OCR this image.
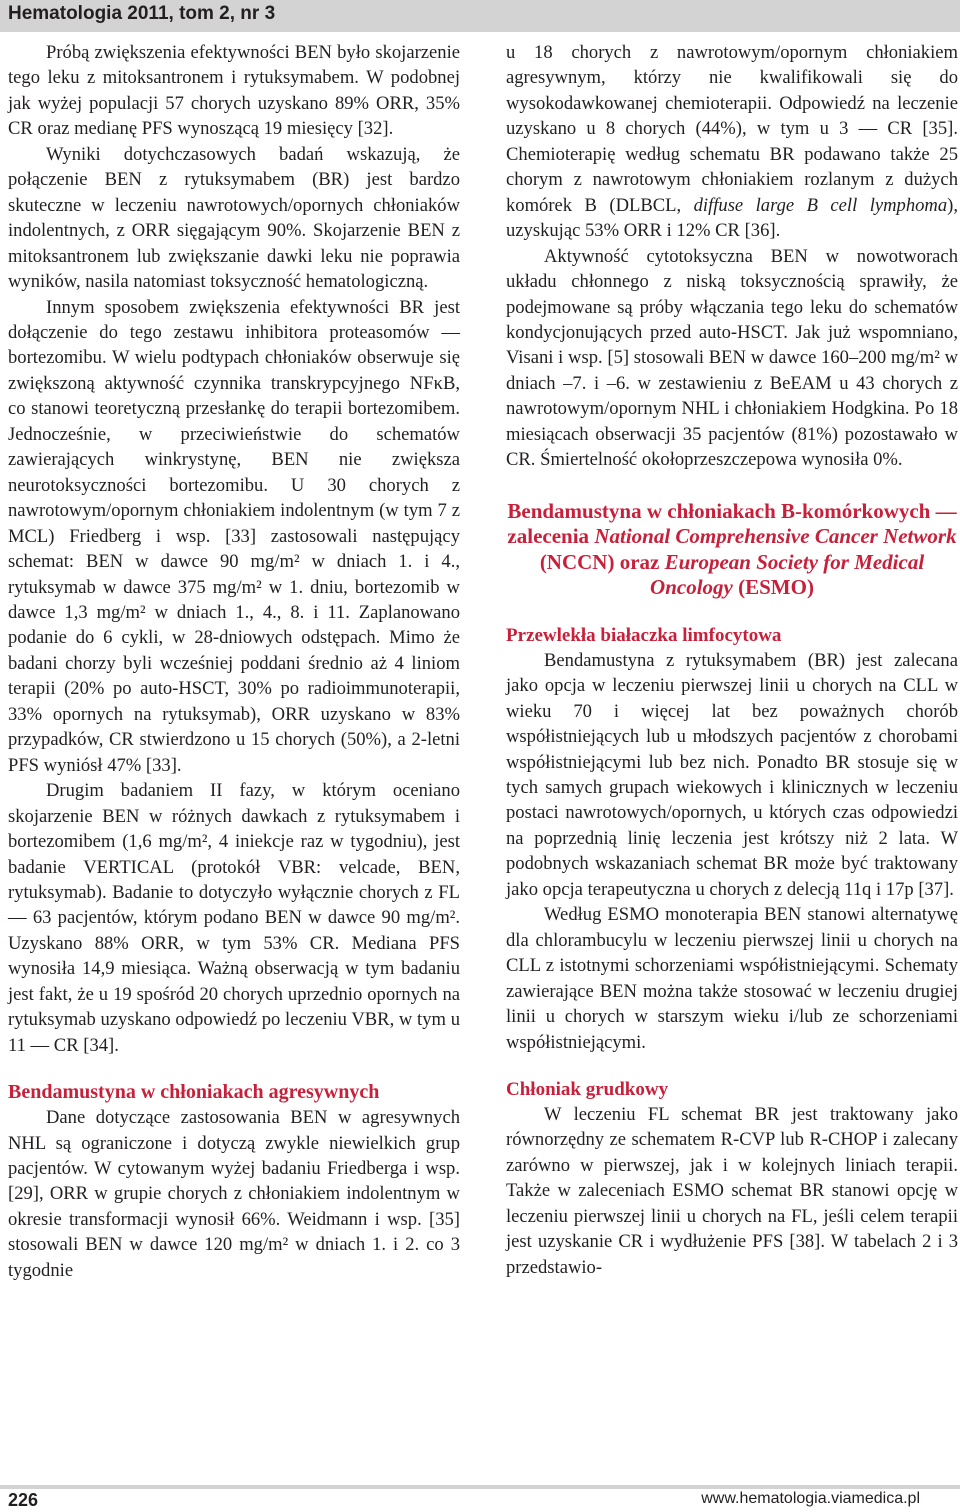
Hematologia 2011, tom 2, nr 3

Próbą zwiększenia efektywności BEN było skojarzenie tego leku z mitoksantronem i rytuksymabem. W podobnej jak wyżej populacji 57 chorych uzyskano 89% ORR, 35% CR oraz medianę PFS wynoszącą 19 miesięcy [32].

Wyniki dotychczasowych badań wskazują, że połączenie BEN z rytuksymabem (BR) jest bardzo skuteczne w leczeniu nawrotowych/opornych chłoniaków indolentnych, z ORR sięgającym 90%. Skojarzenie BEN z mitoksantronem lub zwiększanie dawki leku nie poprawia wyników, nasila natomiast toksyczność hematologiczną.

Innym sposobem zwiększenia efektywności BR jest dołączenie do tego zestawu inhibitora proteasomów — bortezomibu. W wielu podtypach chłoniaków obserwuje się zwiększoną aktywność czynnika transkrypcyjnego NFκB, co stanowi teoretyczną przesłankę do terapii bortezomibem. Jednocześnie, w przeciwieństwie do schematów zawierających winkrystynę, BEN nie zwiększa neurotoksyczności bortezomibu. U 30 chorych z nawrotowym/opornym chłoniakiem indolentnym (w tym 7 z MCL) Friedberg i wsp. [33] zastosowali następujący schemat: BEN w dawce 90 mg/m² w dniach 1. i 4., rytuksymab w dawce 375 mg/m² w 1. dniu, bortezomib w dawce 1,3 mg/m² w dniach 1., 4., 8. i 11. Zaplanowano podanie do 6 cykli, w 28-dniowych odstępach. Mimo że badani chorzy byli wcześniej poddani średnio aż 4 liniom terapii (20% po auto-HSCT, 30% po radioimmunoterapii, 33% opornych na rytuksymab), ORR uzyskano w 83% przypadków, CR stwierdzono u 15 chorych (50%), a 2-letni PFS wyniósł 47% [33].

Drugim badaniem II fazy, w którym oceniano skojarzenie BEN w różnych dawkach z rytuksymabem i bortezomibem (1,6 mg/m², 4 iniekcje raz w tygodniu), jest badanie VERTICAL (protokół VBR: velcade, BEN, rytuksymab). Badanie to dotyczyło wyłącznie chorych z FL — 63 pacjentów, którym podano BEN w dawce 90 mg/m². Uzyskano 88% ORR, w tym 53% CR. Mediana PFS wynosiła 14,9 miesiąca. Ważną obserwacją w tym badaniu jest fakt, że u 19 spośród 20 chorych uprzednio opornych na rytuksymab uzyskano odpowiedź po leczeniu VBR, w tym u 11 — CR [34].

Bendamustyna w chłoniakach agresywnych

Dane dotyczące zastosowania BEN w agresywnych NHL są ograniczone i dotyczą zwykle niewielkich grup pacjentów. W cytowanym wyżej badaniu Friedberga i wsp. [29], ORR w grupie chorych z chłoniakiem indolentnym w okresie transformacji wynosił 66%. Weidmann i wsp. [35] stosowali BEN w dawce 120 mg/m² w dniach 1. i 2. co 3 tygodnie

u 18 chorych z nawrotowym/opornym chłoniakiem agresywnym, którzy nie kwalifikowali się do wysokodawkowanej chemioterapii. Odpowiedź na leczenie uzyskano u 8 chorych (44%), w tym u 3 — CR [35]. Chemioterapię według schematu BR podawano także 25 chorym z nawrotowym chłoniakiem rozlanym z dużych komórek B (DLBCL, diffuse large B cell lymphoma), uzyskując 53% ORR i 12% CR [36].

Aktywność cytotoksyczna BEN w nowotworach układu chłonnego z niską toksycznością sprawiły, że podejmowane są próby włączania tego leku do schematów kondycjonujących przed auto-HSCT. Jak już wspomniano, Visani i wsp. [5] stosowali BEN w dawce 160–200 mg/m² w dniach –7. i –6. w zestawieniu z BeEAM u 43 chorych z nawrotowym/opornym NHL i chłoniakiem Hodgkina. Po 18 miesiącach obserwacji 35 pacjentów (81%) pozostawało w CR. Śmiertelność okołoprzeszczepowa wynosiła 0%.

Bendamustyna w chłoniakach B-komórkowych — zalecenia National Comprehensive Cancer Network (NCCN) oraz European Society for Medical Oncology (ESMO)
Przewlekła białaczka limfocytowa

Bendamustyna z rytuksymabem (BR) jest zalecana jako opcja w leczeniu pierwszej linii u chorych na CLL w wieku 70 i więcej lat bez poważnych chorób współistniejących lub u młodszych pacjentów z chorobami współistniejącymi lub bez nich. Ponadto BR stosuje się w tych samych grupach wiekowych i klinicznych w leczeniu postaci nawrotowych/opornych, u których czas odpowiedzi na poprzednią linię leczenia jest krótszy niż 2 lata. W podobnych wskazaniach schemat BR może być traktowany jako opcja terapeutyczna u chorych z delecją 11q i 17p [37].

Według ESMO monoterapia BEN stanowi alternatywę dla chlorambucylu w leczeniu pierwszej linii u chorych na CLL z istotnymi schorzeniami współistniejącymi. Schematy zawierające BEN można także stosować w leczeniu drugiej linii u chorych w starszym wieku i/lub ze schorzeniami współistniejącymi.

Chłoniak grudkowy

W leczeniu FL schemat BR jest traktowany jako równorzędny ze schematem R-CVP lub R-CHOP i zalecany zarówno w pierwszej, jak i w kolejnych liniach terapii. Także w zaleceniach ESMO schemat BR stanowi opcję w leczeniu pierwszej linii u chorych na FL, jeśli celem terapii jest uzyskanie CR i wydłużenie PFS [38]. W tabelach 2 i 3 przedstawio-

226	www.hematologia.viamedica.pl
